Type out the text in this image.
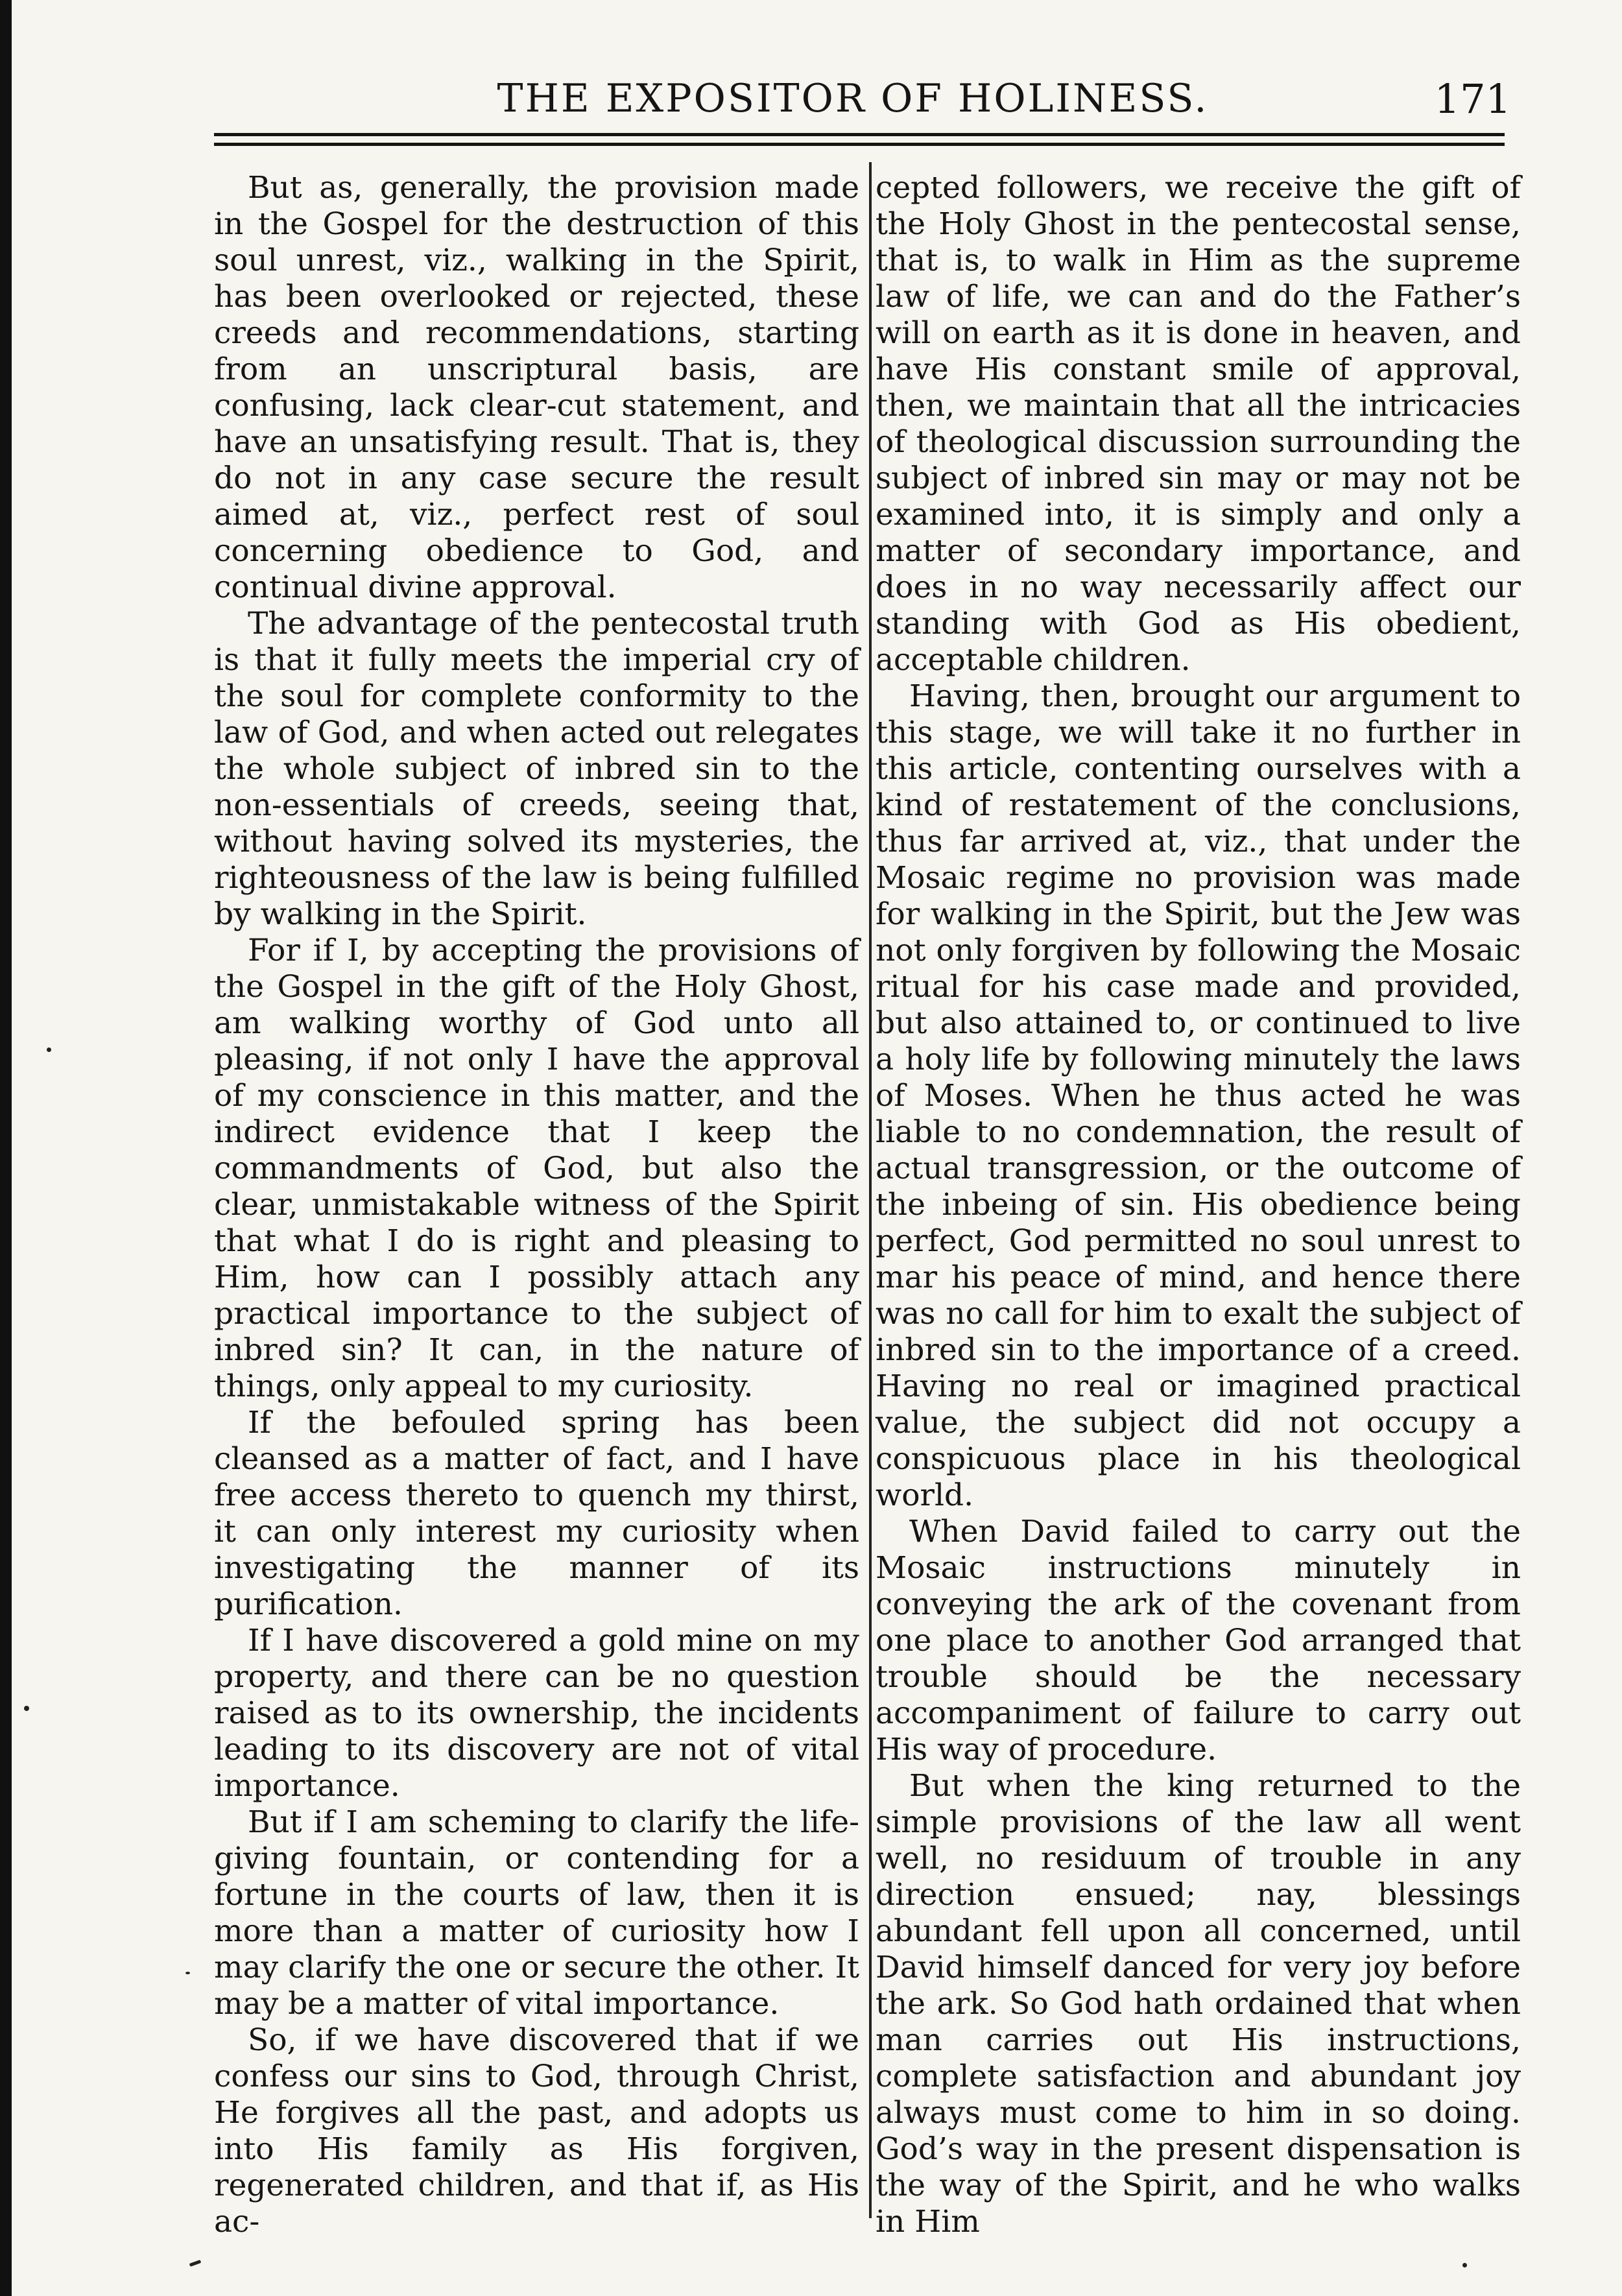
THE EXPOSITOR OF HOLINESS.	171

But as, generally, the provision made in the Gospel for the destruction of this soul unrest, viz., walking in the Spirit, has been overlooked or rejected, these creeds and recommendations, starting from an unscriptural basis, are confusing, lack clear-cut statement, and have an unsatisfying result. That is, they do not in any case secure the result aimed at, viz., perfect rest of soul concerning obedience to God, and continual divine approval.

The advantage of the pentecostal truth is that it fully meets the imperial cry of the soul for complete conformity to the law of God, and when acted out relegates the whole subject of inbred sin to the non-essentials of creeds, seeing that, without having solved its mysteries, the righteousness of the law is being fulfilled by walking in the Spirit.

For if I, by accepting the provisions of the Gospel in the gift of the Holy Ghost, am walking worthy of God unto all pleasing, if not only I have the approval of my conscience in this matter, and the indirect evidence that I keep the commandments of God, but also the clear, unmistakable witness of the Spirit that what I do is right and pleasing to Him, how can I possibly attach any practical importance to the subject of inbred sin? It can, in the nature of things, only appeal to my curiosity.

If the befouled spring has been cleansed as a matter of fact, and I have free access thereto to quench my thirst, it can only interest my curiosity when investigating the manner of its purification.

If I have discovered a gold mine on my property, and there can be no question raised as to its ownership, the incidents leading to its discovery are not of vital importance.

But if I am scheming to clarify the life-giving fountain, or contending for a fortune in the courts of law, then it is more than a matter of curiosity how I may clarify the one or secure the other. It may be a matter of vital importance.

So, if we have discovered that if we confess our sins to God, through Christ, He forgives all the past, and adopts us into His family as His forgiven, regenerated children, and that if, as His ac-

cepted followers, we receive the gift of the Holy Ghost in the pentecostal sense, that is, to walk in Him as the supreme law of life, we can and do the Father’s will on earth as it is done in heaven, and have His constant smile of approval, then, we maintain that all the intricacies of theological discussion surrounding the subject of inbred sin may or may not be examined into, it is simply and only a matter of secondary importance, and does in no way necessarily affect our standing with God as His obedient, acceptable children.

Having, then, brought our argument to this stage, we will take it no further in this article, contenting ourselves with a kind of restatement of the conclusions, thus far arrived at, viz., that under the Mosaic regime no provision was made for walking in the Spirit, but the Jew was not only forgiven by following the Mosaic ritual for his case made and provided, but also attained to, or continued to live a holy life by following minutely the laws of Moses. When he thus acted he was liable to no condemnation, the result of actual transgression, or the outcome of the inbeing of sin. His obedience being perfect, God permitted no soul unrest to mar his peace of mind, and hence there was no call for him to exalt the subject of inbred sin to the importance of a creed. Having no real or imagined practical value, the subject did not occupy a conspicuous place in his theological world.

When David failed to carry out the Mosaic instructions minutely in conveying the ark of the covenant from one place to another God arranged that trouble should be the necessary accompaniment of failure to carry out His way of procedure.

But when the king returned to the simple provisions of the law all went well, no residuum of trouble in any direction ensued; nay, blessings abundant fell upon all concerned, until David himself danced for very joy before the ark. So God hath ordained that when man carries out His instructions, complete satisfaction and abundant joy always must come to him in so doing. God’s way in the present dispensation is the way of the Spirit, and he who walks in Him
